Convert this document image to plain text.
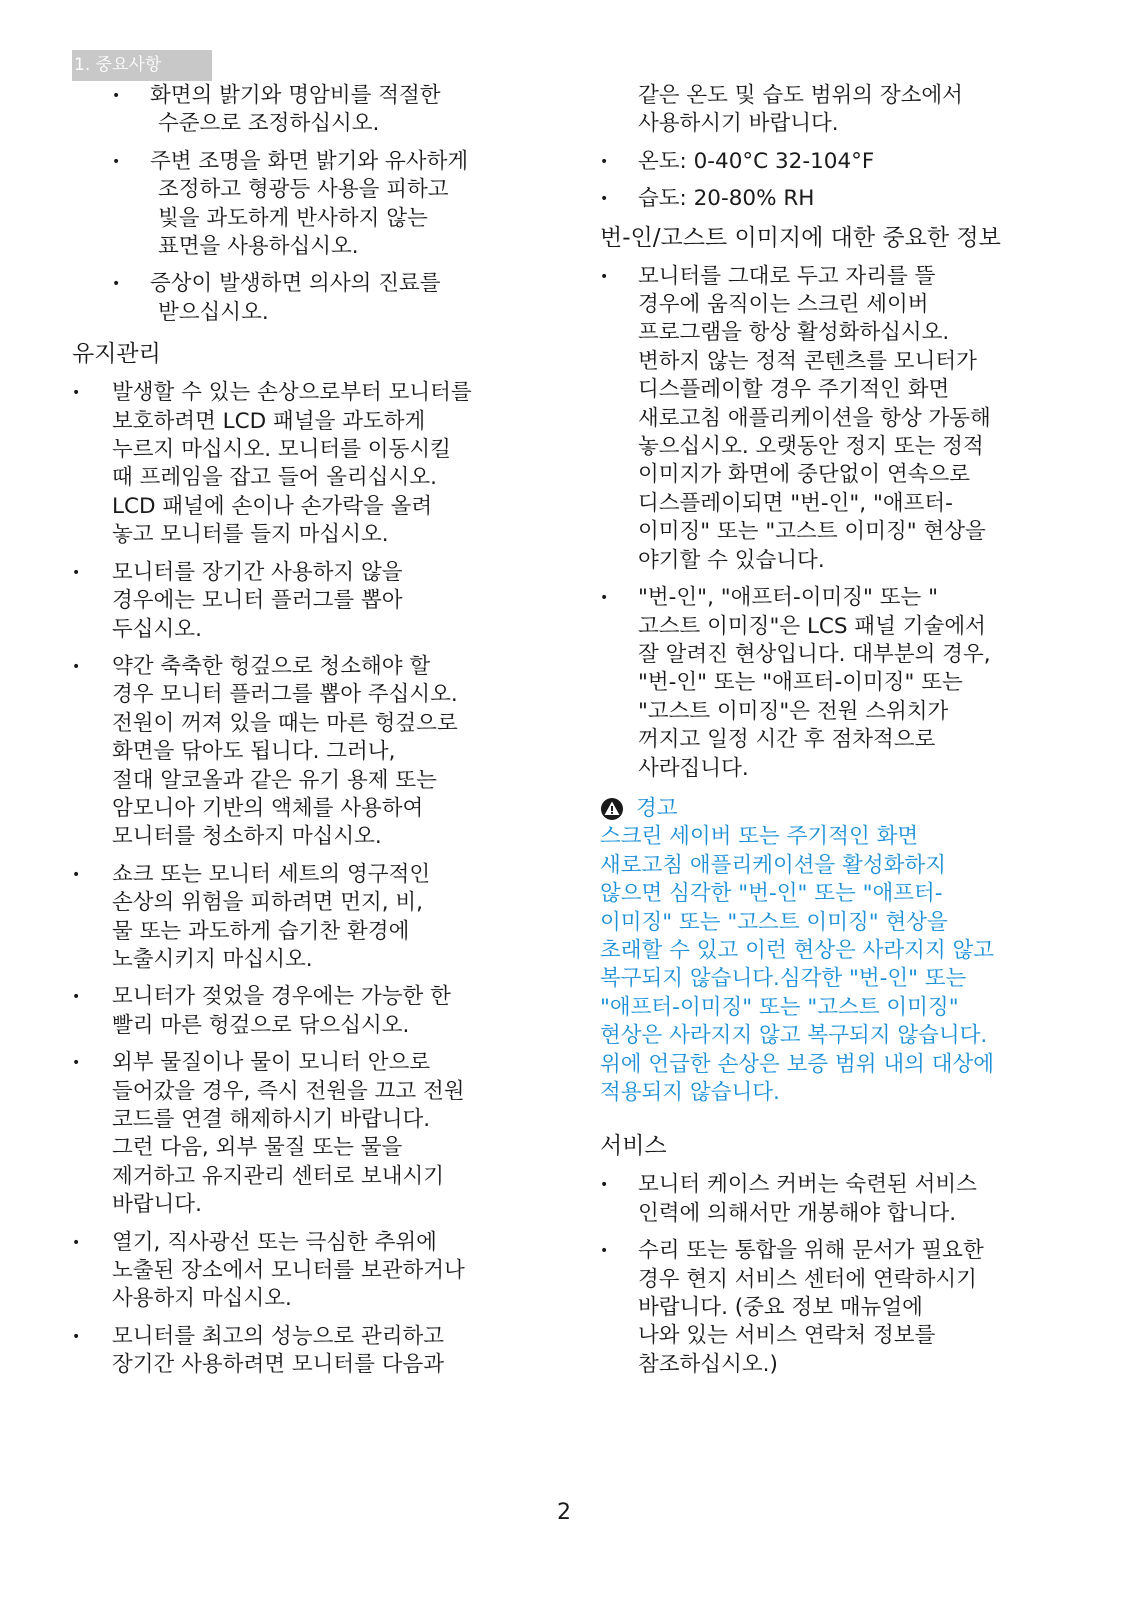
1. 중요사항
• 화면의 밝기와 명암비를 적절한
수준으로 조정하십시오.
• 주변 조명을 화면 밝기와 유사하게
조정하고 형광등 사용을 피하고
빛을 과도하게 반사하지 않는
표면을 사용하십시오.
• 증상이 발생하면 의사의 진료를
받으십시오.
유지관리
• 발생할 수 있는 손상으로부터 모니터를
보호하려면 LCD 패널을 과도하게
누르지 마십시오. 모니터를 이동시킬
때 프레임을 잡고 들어 올리십시오.
LCD 패널에 손이나 손가락을 올려
놓고 모니터를 들지 마십시오.
• 모니터를 장기간 사용하지 않을
경우에는 모니터 플러그를 뽑아
두십시오.
• 약간 축축한 헝겊으로 청소해야 할
경우 모니터 플러그를 뽑아 주십시오.
전원이 꺼져 있을 때는 마른 헝겊으로
화면을 닦아도 됩니다. 그러나,
절대 알코올과 같은 유기 용제 또는
암모니아 기반의 액체를 사용하여
모니터를 청소하지 마십시오.
• 쇼크 또는 모니터 세트의 영구적인
손상의 위험을 피하려면 먼지, 비,
물 또는 과도하게 습기찬 환경에
노출시키지 마십시오.
• 모니터가 젖었을 경우에는 가능한 한
빨리 마른 헝겊으로 닦으십시오.
• 외부 물질이나 물이 모니터 안으로
들어갔을 경우, 즉시 전원을 끄고 전원
코드를 연결 해제하시기 바랍니다.
그런 다음, 외부 물질 또는 물을
제거하고 유지관리 센터로 보내시기
바랍니다.
• 열기, 직사광선 또는 극심한 추위에
노출된 장소에서 모니터를 보관하거나
사용하지 마십시오.
• 모니터를 최고의 성능으로 관리하고
장기간 사용하려면 모니터를 다음과
같은 온도 및 습도 범위의 장소에서
사용하시기 바랍니다.
• 온도: 0-40°C 32-104°F
• 습도: 20-80% RH
번-인/고스트 이미지에 대한 중요한 정보
• 모니터를 그대로 두고 자리를 뜰
경우에 움직이는 스크린 세이버
프로그램을 항상 활성화하십시오.
변하지 않는 정적 콘텐츠를 모니터가
디스플레이할 경우 주기적인 화면
새로고침 애플리케이션을 항상 가동해
놓으십시오. 오랫동안 정지 또는 정적
이미지가 화면에 중단없이 연속으로
디스플레이되면 "번-인", "애프터-
이미징" 또는 "고스트 이미징" 현상을
야기할 수 있습니다.
• "번-인", "애프터-이미징" 또는 "
고스트 이미징"은 LCS 패널 기술에서
잘 알려진 현상입니다. 대부분의 경우,
"번-인" 또는 "애프터-이미징" 또는
"고스트 이미징"은 전원 스위치가
꺼지고 일정 시간 후 점차적으로
사라집니다.
경고
스크린 세이버 또는 주기적인 화면
새로고침 애플리케이션을 활성화하지
않으면 심각한 "번-인" 또는 "애프터-
이미징" 또는 "고스트 이미징" 현상을
초래할 수 있고 이런 현상은 사라지지 않고
복구되지 않습니다.심각한 "번-인" 또는
"애프터-이미징" 또는 "고스트 이미징"
현상은 사라지지 않고 복구되지 않습니다.
위에 언급한 손상은 보증 범위 내의 대상에
적용되지 않습니다.
서비스
• 모니터 케이스 커버는 숙련된 서비스
인력에 의해서만 개봉해야 합니다.
• 수리 또는 통합을 위해 문서가 필요한
경우 현지 서비스 센터에 연락하시기
바랍니다. (중요 정보 매뉴얼에
나와 있는 서비스 연락처 정보를
참조하십시오.)
2
